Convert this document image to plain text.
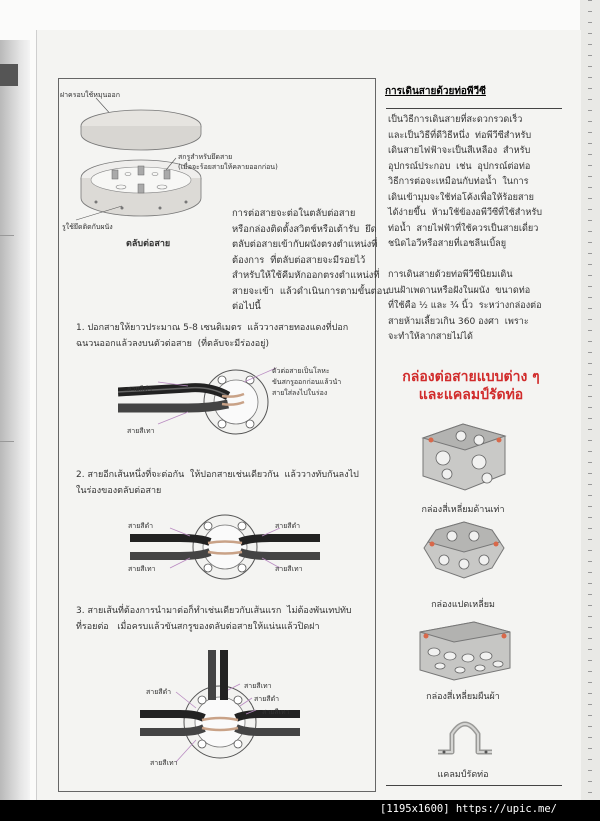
ฝาครอบใช้หมุนออก
สกรูสำหรับยึดสาย
(เมื่อจะร้อยสายให้คลายออกก่อน)
รูใช้ยึดติดกับผนัง
ตลับต่อสาย
การต่อสายจะต่อในตลับต่อสาย
หรือกล่องติดตั้งสวิตช์หรือเต้ารับ  ยึด
ตลับต่อสายเข้ากับผนังตรงตำแหน่งที่
ต้องการ  ที่ตลับต่อสายจะมีรอยไว้
สำหรับให้ใช้คีมหักออกตรงตำแหน่งที่
สายจะเข้า  แล้วดำเนินการตามขั้นตอน
ต่อไปนี้
1. ปอกสายให้ยาวประมาณ 5-8 เซนติเมตร  แล้ววางสายทองแดงที่ปอก
ฉนวนออกแล้วลงบนตัวต่อสาย  (ที่ตลับจะมีร่องอยู่)
สายสีดำ
สายสีเทา
ตัวต่อสายเป็นโลหะ
ขันสกรูออกก่อนแล้วนำ
สายใส่ลงไปในร่อง
2. สายอีกเส้นหนึ่งที่จะต่อกัน  ให้ปอกสายเช่นเดียวกัน  แล้ววางทับกันลงไป
ในร่องของตลับต่อสาย
สายสีดำ	สายสีดำ
สายสีเทา	สายสีเทา
3. สายเส้นที่ต้องการนำมาต่อก็ทำเช่นเดียวกับเส้นแรก  ไม่ต้องพันเทปทับ
ที่รอยต่อ   เมื่อครบแล้วขันสกรูของตลับต่อสายให้แน่นแล้วปิดฝา
สายสีดำ
สายสีเทา
สายสีดำ
สายสีเทา
สายสีเทา
การเดินสายด้วยท่อพีวีซี
เป็นวิธีการเดินสายที่สะดวกรวดเร็ว
และเป็นวิธีที่ดีวิธีหนึ่ง  ท่อพีวีซีสำหรับ
เดินสายไฟฟ้าจะเป็นสีเหลือง  สำหรับ
อุปกรณ์ประกอบ  เช่น  อุปกรณ์ต่อท่อ
วิธีการต่อจะเหมือนกับท่อน้ำ  ในการ
เดินเข้ามุมจะใช้ท่อโค้งเพื่อให้ร้อยสาย
ได้ง่ายขึ้น  ห้ามใช้ข้องอพีวีซีที่ใช้สำหรับ
ท่อน้ำ  สายไฟฟ้าที่ใช้ควรเป็นสายเดี่ยว
ชนิดไอวีหรือสายที่เอชลีนเบิ้ลยู
การเดินสายด้วยท่อพีวีซีนิยมเดิน
บนฝ้าเพดานหรือฝังในผนัง  ขนาดท่อ
ที่ใช้คือ ½ และ ¾ นิ้ว  ระหว่างกล่องต่อ
สายห้ามเลี้ยวเกิน 360 องศา  เพราะ
จะทำให้ลากสายไม่ได้
กล่องต่อสายแบบต่าง ๆ
และแคลมป์รัดท่อ
กล่องสี่เหลี่ยมด้านเท่า
กล่องแปดเหลี่ยม
กล่องสี่เหลี่ยมผืนผ้า
แคลมป์รัดท่อ
[1195x1600] https://upic.me/
